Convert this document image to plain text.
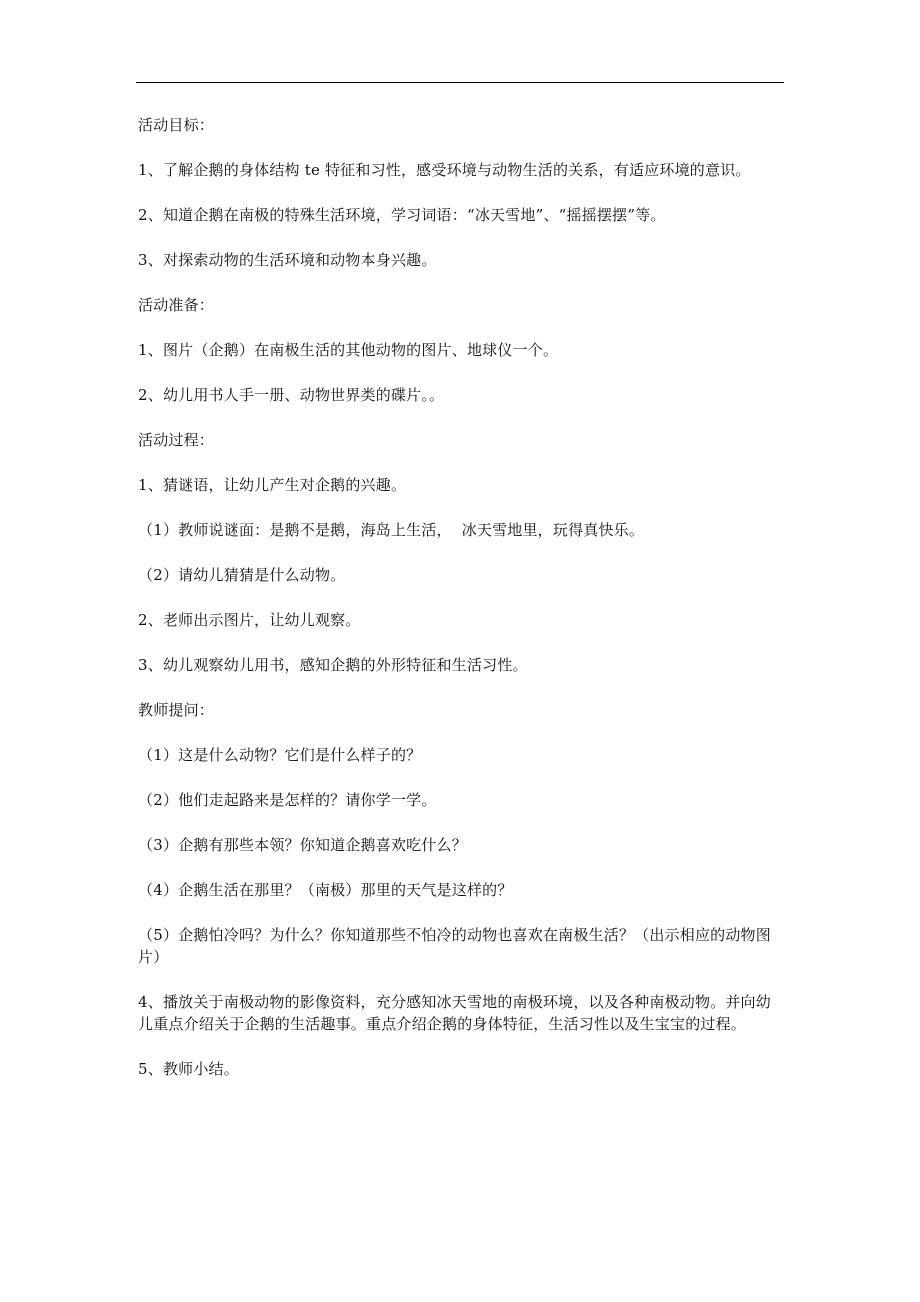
活动目标：

1、了解企鹅的身体结构 te 特征和习性，感受环境与动物生活的关系，有适应环境的意识。

2、知道企鹅在南极的特殊生活环境，学习词语：“冰天雪地”、“摇摇摆摆”等。

3、对探索动物的生活环境和动物本身兴趣。

活动准备：

1、图片（企鹅）在南极生活的其他动物的图片、地球仪一个。

2、幼儿用书人手一册、动物世界类的碟片。。

活动过程：

1、猜谜语，让幼儿产生对企鹅的兴趣。

（1）教师说谜面：是鹅不是鹅，海岛上生活，  冰天雪地里，玩得真快乐。

（2）请幼儿猜猜是什么动物。

2、老师出示图片，让幼儿观察。

3、幼儿观察幼儿用书，感知企鹅的外形特征和生活习性。

教师提问：

（1）这是什么动物？它们是什么样子的？

（2）他们走起路来是怎样的？请你学一学。

（3）企鹅有那些本领？你知道企鹅喜欢吃什么？

（4）企鹅生活在那里？（南极）那里的天气是这样的？

（5）企鹅怕冷吗？为什么？你知道那些不怕冷的动物也喜欢在南极生活？（出示相应的动物图片）

4、播放关于南极动物的影像资料，充分感知冰天雪地的南极环境，以及各种南极动物。并向幼儿重点介绍关于企鹅的生活趣事。重点介绍企鹅的身体特征，生活习性以及生宝宝的过程。

5、教师小结。
